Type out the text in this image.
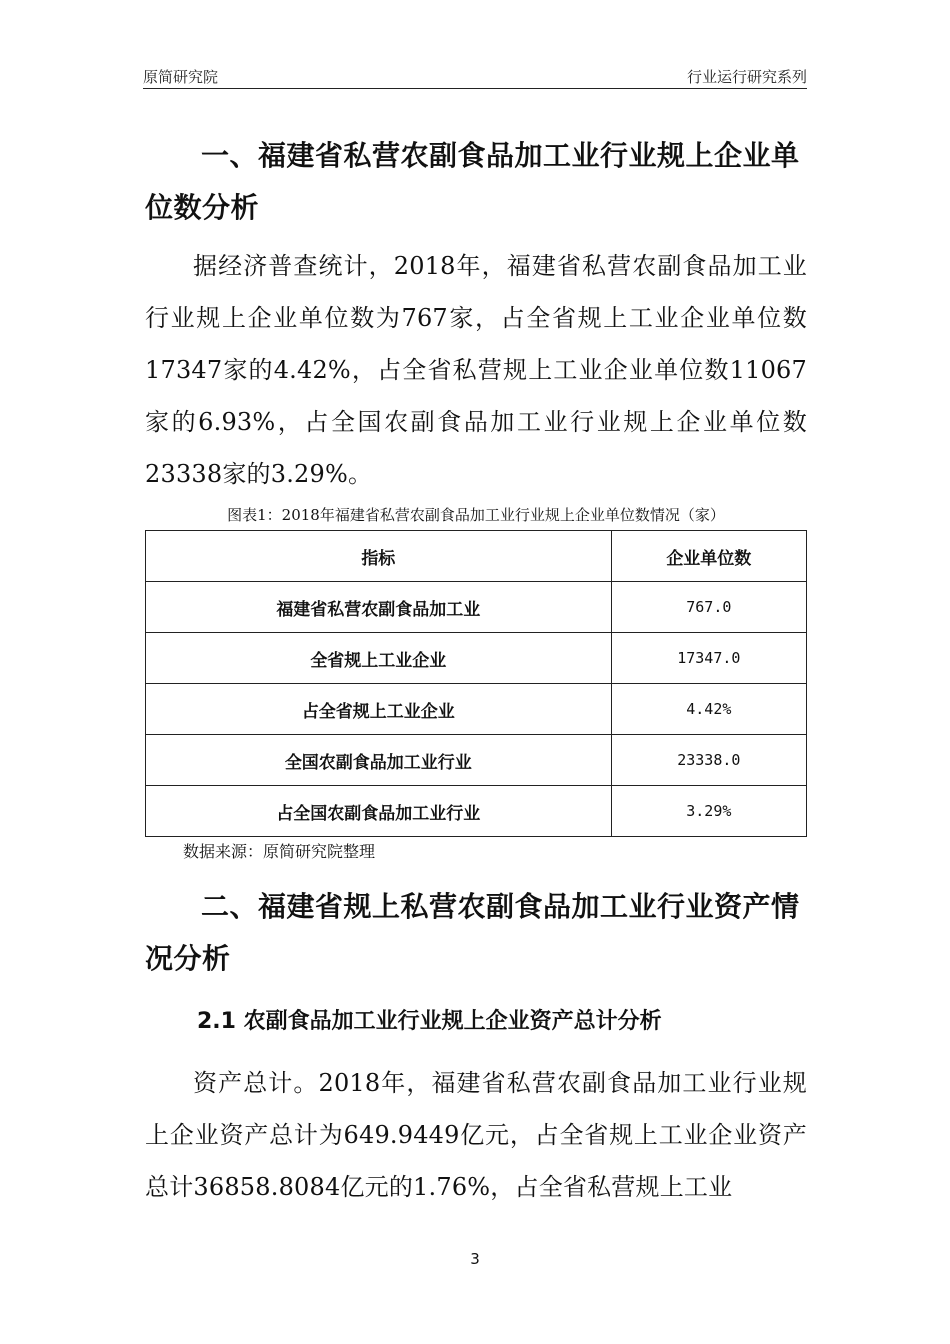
原简研究院	行业运行研究系列
一、福建省私营农副食品加工业行业规上企业单位数分析

据经济普查统计，2018年，福建省私营农副食品加工业行业规上企业单位数为767家，占全省规上工业企业单位数17347家的4.42%，占全省私营规上工业企业单位数11067家的6.93%，占全国农副食品加工业行业规上企业单位数23338家的3.29%。

图表1：2018年福建省私营农副食品加工业行业规上企业单位数情况（家）
指标	企业单位数
福建省私营农副食品加工业	767.0
全省规上工业企业	17347.0
占全省规上工业企业	4.42%
全国农副食品加工业行业	23338.0
占全国农副食品加工业行业	3.29%
数据来源：原简研究院整理
二、福建省规上私营农副食品加工业行业资产情况分析
2.1 农副食品加工业行业规上企业资产总计分析

资产总计。2018年，福建省私营农副食品加工业行业规上企业资产总计为649.9449亿元，占全省规上工业企业资产总计36858.8084亿元的1.76%，占全省私营规上工业

3
